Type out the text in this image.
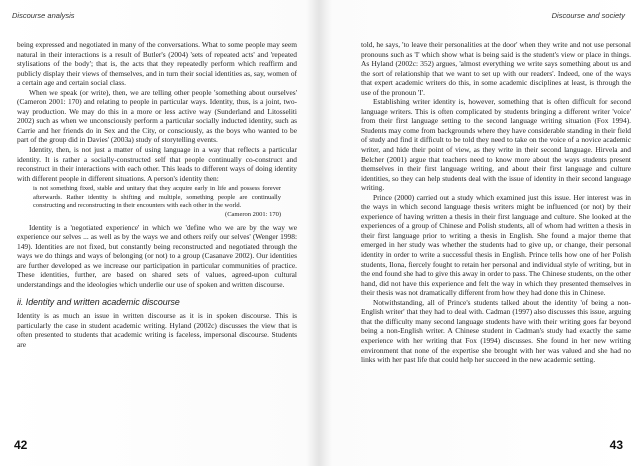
Discourse analysis

being expressed and negotiated in many of the conversations. What to some people may seem natural in their interactions is a result of Butler's (2004) 'sets of repeated acts' and 'repeated stylisations of the body'; that is, the acts that they repeatedly perform which reaffirm and publicly display their views of themselves, and in turn their social identities as, say, women of a certain age and certain social class.

When we speak (or write), then, we are telling other people 'something about ourselves' (Cameron 2001: 170) and relating to people in particular ways. Identity, thus, is a joint, two-way production. We may do this in a more or less active way (Sunderland and Litosseliti 2002) such as when we unconsciously perform a particular socially inducted identity, such as Carrie and her friends do in Sex and the City, or consciously, as the boys who wanted to be part of the group did in Davies' (2003a) study of storytelling events.

Identity, then, is not just a matter of using language in a way that reflects a particular identity. It is rather a socially-constructed self that people continually co-construct and reconstruct in their interactions with each other. This leads to different ways of doing identity with different people in different situations. A person's identity then:

is not something fixed, stable and unitary that they acquire early in life and possess forever afterwards. Rather identity is shifting and multiple, something people are continually constructing and reconstructing in their encounters with each other in the world.
(Cameron 2001: 170)

Identity is a 'negotiated experience' in which we 'define who we are by the way we experience our selves ... as well as by the ways we and others reify our selves' (Wenger 1998: 149). Identities are not fixed, but constantly being reconstructed and negotiated through the ways we do things and ways of belonging (or not) to a group (Casanave 2002). Our identities are further developed as we increase our participation in particular communities of practice. These identities, further, are based on shared sets of values, agreed-upon cultural understandings and the ideologies which underlie our use of spoken and written discourse.

ii. Identity and written academic discourse

Identity is as much an issue in written discourse as it is in spoken discourse. This is particularly the case in student academic writing. Hyland (2002c) discusses the view that is often presented to students that academic writing is faceless, impersonal discourse. Students are

42
Discourse and society

told, he says, 'to leave their personalities at the door' when they write and not use personal pronouns such as 'I' which show what is being said is the student's view or place in things. As Hyland (2002c: 352) argues, 'almost everything we write says something about us and the sort of relationship that we want to set up with our readers'. Indeed, one of the ways that expert academic writers do this, in some academic disciplines at least, is through the use of the pronoun 'I'.

Establishing writer identity is, however, something that is often difficult for second language writers. This is often complicated by students bringing a different writer 'voice' from their first language setting to the second language writing situation (Fox 1994). Students may come from backgrounds where they have considerable standing in their field of study and find it difficult to be told they need to take on the voice of a novice academic writer, and hide their point of view, as they write in their second language. Hirvela and Belcher (2001) argue that teachers need to know more about the ways students present themselves in their first language writing, and about their first language and culture identities, so they can help students deal with the issue of identity in their second language writing.

Prince (2000) carried out a study which examined just this issue. Her interest was in the ways in which second language thesis writers might be influenced (or not) by their experience of having written a thesis in their first language and culture. She looked at the experiences of a group of Chinese and Polish students, all of whom had written a thesis in their first language prior to writing a thesis in English. She found a major theme that emerged in her study was whether the students had to give up, or change, their personal identity in order to write a successful thesis in English. Prince tells how one of her Polish students, Ilona, fiercely fought to retain her personal and individual style of writing, but in the end found she had to give this away in order to pass. The Chinese students, on the other hand, did not have this experience and felt the way in which they presented themselves in their thesis was not dramatically different from how they had done this in Chinese.

Notwithstanding, all of Prince's students talked about the identity 'of being a non-English writer' that they had to deal with. Cadman (1997) also discusses this issue, arguing that the difficulty many second language students have with their writing goes far beyond being a non-English writer. A Chinese student in Cadman's study had exactly the same experience with her writing that Fox (1994) discusses. She found in her new writing environment that none of the expertise she brought with her was valued and she had no links with her past life that could help her succeed in the new academic setting.

43
